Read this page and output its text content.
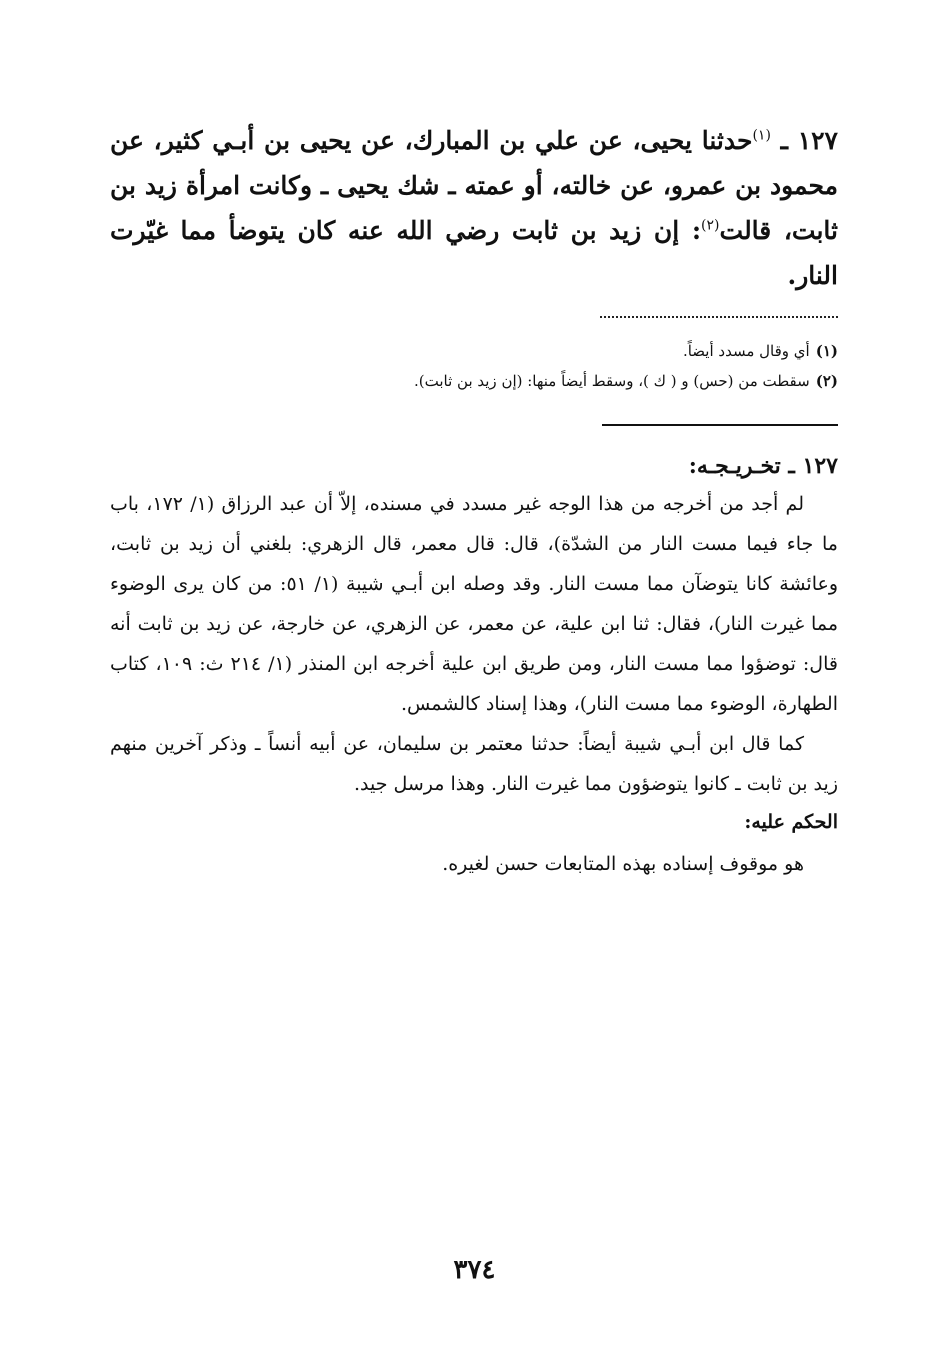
١٢٧ ـ $^{(١)}$حدثنا يحيى، عن علي بن المبارك، عن يحيى بن أبـي كثير، عن محمود بن عمرو، عن خالته، أو عمته ـ شك يحيى ـ وكانت امرأة زيد بن ثابت، قالت$^{(٢)}$: إن زيد بن ثابت رضي الله عنه كان يتوضأ مما غيّرت النار.

(١)أي وقال مسدد أيضاً.
(٢)سقطت من (حس) و ( ك )، وسقط أيضاً منها: (إن زيد بن ثابت).
١٢٧ ـ تخـريـجـه:

لم أجد من أخرجه من هذا الوجه غير مسدد في مسنده، إلاّ أن عبد الرزاق (١/ ١٧٢، باب ما جاء فيما مست النار من الشدّة)، قال: قال معمر، قال الزهري: بلغني أن زيد بن ثابت، وعائشة كانا يتوضآن مما مست النار. وقد وصله ابن أبـي شيبة (١/ ٥١: من كان يرى الوضوء مما غيرت النار)، فقال: ثنا ابن علية، عن معمر، عن الزهري، عن خارجة، عن زيد بن ثابت أنه قال: توضؤوا مما مست النار، ومن طريق ابن علية أخرجه ابن المنذر (١/ ٢١٤ ث: ١٠٩، كتاب الطهارة، الوضوء مما مست النار)، وهذا إسناد كالشمس.

كما قال ابن أبـي شيبة أيضاً: حدثنا معتمر بن سليمان، عن أبيه أنساً ـ وذكر آخرين منهم زيد بن ثابت ـ كانوا يتوضؤون مما غيرت النار. وهذا مرسل جيد.

الحكم عليه:

هو موقوف إسناده بهذه المتابعات حسن لغيره.

٣٧٤
